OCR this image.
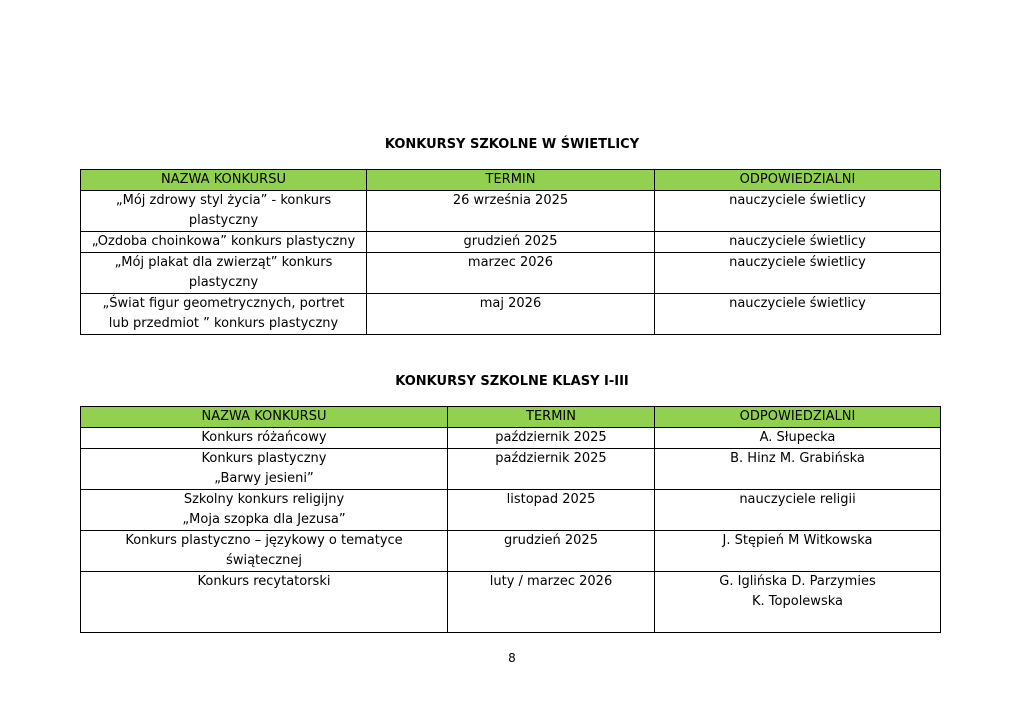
KONKURSY SZKOLNE W ŚWIETLICY
NAZWA KONKURSU	TERMIN	ODPOWIEDZIALNI

„Mój zdrowy styl życia” - konkurs
plastyczny	26 września 2025	nauczyciele świetlicy

„Ozdoba choinkowa” konkurs plastyczny	grudzień 2025	nauczyciele świetlicy

„Mój plakat dla zwierząt” konkurs
plastyczny	marzec 2026	nauczyciele świetlicy

„Świat figur geometrycznych, portret
lub przedmiot ” konkurs plastyczny	maj 2026	nauczyciele świetlicy
KONKURSY SZKOLNE KLASY I-III
NAZWA KONKURSU	TERMIN	ODPOWIEDZIALNI

Konkurs różańcowy	październik 2025	A. Słupecka

Konkurs plastyczny
„Barwy jesieni”	październik 2025	B. Hinz M. Grabińska

Szkolny konkurs religijny
„Moja szopka dla Jezusa”	listopad 2025	nauczyciele religii

Konkurs plastyczno – językowy o tematyce
świątecznej	grudzień 2025	J. Stępień M Witkowska

Konkurs recytatorski	luty / marzec 2026	G. Iglińska D. Parzymies
K. Topolewska
8
